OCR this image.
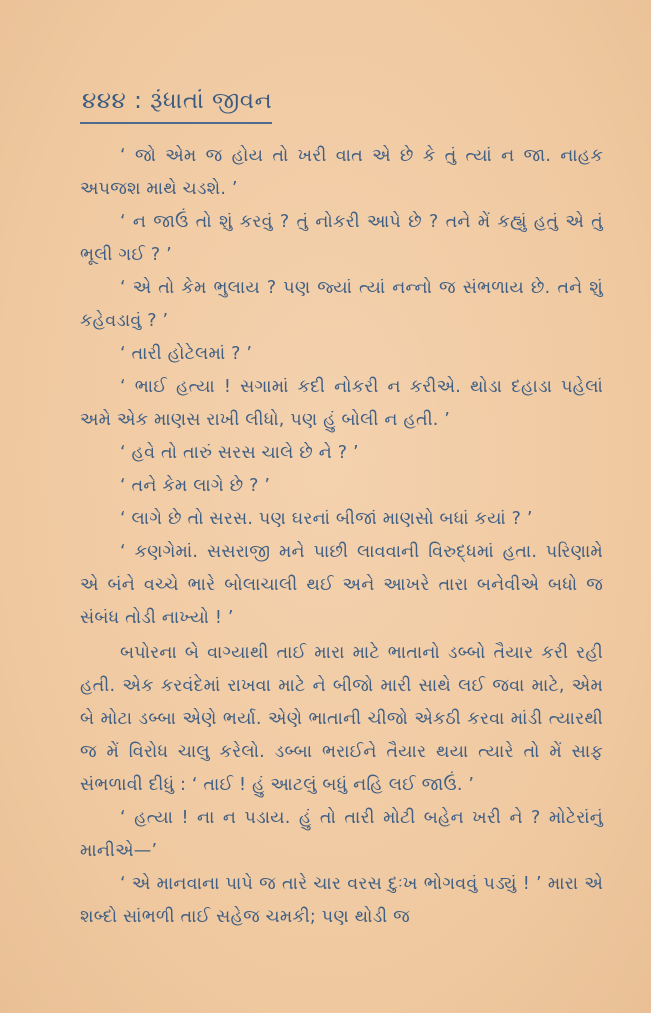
૪૪૪ : રૂંધાતાં જીવન

‘ જો એમ જ હોય તો ખરી વાત એ છે કે તું ત્યાં ન જા. નાહક અપજશ માથે ચડશે. ’

‘ ન જાઉં તો શું કરવું ? તું નોકરી આપે છે ? તને મેં કહ્યું હતું એ તું ભૂલી ગઈ ? ’

‘ એ તો કેમ ભુલાય ? પણ જ્યાં ત્યાં નન્નો જ સંભળાય છે. તને શું કહેવડાવું ? ’

‘ તારી હોટેલમાં ? ’

‘ ભાઈ હત્યા ! સગામાં કદી નોકરી ન કરીએ. થોડા દહાડા પહેલાં અમે એક માણસ રાખી લીધો, પણ હું બોલી ન હતી. ’

‘ હવે તો તારું સરસ ચાલે છે ને ? ’

‘ તને કેમ લાગે છે ? ’

‘ લાગે છે તો સરસ. પણ ઘરનાં બીજાં માણસો બધાં કયાં ? ’

‘ કણગેમાં. સસરાજી મને પાછી લાવવાની વિરુદ્ધમાં હતા. પરિણામે એ બંને વચ્ચે ભારે બોલાચાલી થઈ અને આખરે તારા બનેવીએ બધો જ સંબંધ તોડી નાખ્યો ! ’

બપોરના બે વાગ્યાથી તાઈ મારા માટે ભાતાનો ડબ્બો તૈયાર કરી રહી હતી. એક કરવંદેમાં રાખવા માટે ને બીજો મારી સાથે લઈ જવા માટે, એમ બે મોટા ડબ્બા એણે ભર્યા. એણે ભાતાની ચીજો એકઠી કરવા માંડી ત્યારથી જ મેં વિરોધ ચાલુ કરેલો. ડબ્બા ભરાઈને તૈયાર થયા ત્યારે તો મેં સાફ સંભળાવી દીધું : ‘ તાઈ ! હું આટલું બધું નહિ લઈ જાઉં. ’

‘ હત્યા ! ના ન પડાય. હું તો તારી મોટી બહેન ખરી ને ? મોટેરાંનું માનીએ—’

‘ એ માનવાના પાપે જ તારે ચાર વરસ દુઃખ ભોગવવું પડ્યું ! ’ મારા એ શબ્દો સાંભળી તાઈ સહેજ ચમકી; પણ થોડી જ
